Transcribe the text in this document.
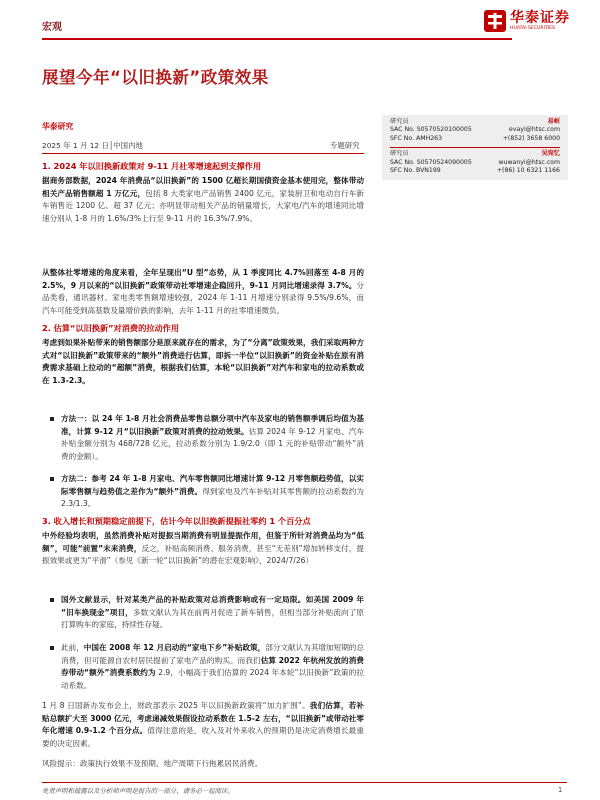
宏观
华泰证券
HUATAI SECURITIES
展望今年“以旧换新”政策效果
华泰研究
2025 年 1 月 12 日│中国内地	专题研究
研究员	易峘
SAC No. S0570520100005	evayi@htsc.com
SFC No. AMH263	+(852) 3658 6000
研究员	吴宛忆
SAC No. S0570524090005	wuwanyi@htsc.com
SFC No. BVN199	+(86) 10 6321 1166
1. 2024 年以旧换新政策对 9-11 月社零增速起到支撑作用

据商务部数据，2024 年消费品“以旧换新”的 1500 亿超长期国债资金基本使用完，整体带动相关产品销售额超 1 万亿元，包括 8 大类家电产品销售 2400 亿元，家装厨卫和电动自行车新车销售近 1200 亿、超 37 亿元；亦明显带动相关产品的销量增长，大家电/汽车的增速同比增速分别从 1-8 月的 1.6%/3%上行至 9-11 月的 16.3%/7.9%。

从整体社零增速的角度来看，全年呈现出“U 型”态势，从 1 季度同比 4.7%回落至 4-8 月的 2.5%，9 月以来的“以旧换新”政策带动社零增速企稳回升，9-11 月同比增速录得 3.7%。分品类看，通讯器材、家电类零售额增速较强，2024 年 1-11 月增速分别录得 9.5%/9.6%，而汽车可能受到高基数及量增价跌的影响，去年 1-11 月的社零增速微负。

2. 估算“以旧换新”对消费的拉动作用

考虑到如果补贴带来的销售额部分是原来就存在的需求，为了“分离”政策效果，我们采取两种方式对“以旧换新”政策带来的“额外”消费进行估算，即拆一半位“以旧换新”的资金补贴在原有消费需求基础上拉动的“超额”消费，根据我们估算，本轮“以旧换新”对汽车和家电的拉动系数或在 1.3-2.3。

方法一：以 24 年 1-8 月社会消费品零售总额分项中汽车及家电的销售额季调后均值为基准，计算 9-12 月“以旧换新”政策对消费的拉动效果。估算 2024 年 9-12 月家电、汽车补贴金额分别为 468/728 亿元，拉动系数分别为 1.9/2.0（即 1 元的补贴带动“额外”消费的金额）。

方法二：参考 24 年 1-8 月家电、汽车零售额同比增速计算 9-12 月零售额趋势值，以实际零售额与趋势值之差作为“额外”消费。得到家电及汽车补贴对其零售额的拉动系数约为 2.3/1.3。

3. 收入增长和预期稳定前提下，估计今年以旧换新提振社零约 1 个百分点

中外经验均表明，虽然消费补贴对提振当期消费有明显提振作用，但鉴于所针对消费品均为“低频”，可能“前置”未来消费，反之，补贴高频消费、服务消费，甚至“无差别”增加转移支付，提振效果或更为“平滑”（参见《新一轮“以旧换新”的潜在宏观影响》，2024/7/26）

国外文献显示，针对某类产品的补贴政策对总消费影响或有一定局限。如美国 2009 年 “旧车换现金”项目，多数文献认为其在前两月促进了新车销售，但相当部分补贴流向了原打算购车的家庭，持续性存疑。

此前，中国在 2008 年 12 月启动的“家电下乡”补贴政策，部分文献认为其增加短期的总消费，但可能源自农村居民提前了家电产品的购买。而我们估算 2022 年杭州发放的消费券带动“额外”消费系数约为 2.9，小幅高于我们估算的 2024 年本轮“以旧换新”政策的拉动系数。

1 月 8 日国新办发布会上，财政部表示 2025 年以旧换新政策将“加力扩围”。我们估算，若补贴总额扩大至 3000 亿元，考虑递减效果假设拉动系数在 1.5-2 左右，“以旧换新”或带动社零年化增速 0.9-1.2 个百分点。值得注意的是，收入及对外来收入的预期仍是决定消费增长最重要的决定因素。

风险提示：政策执行效果不及预期、地产周期下行拖累居民消费。

免责声明和披露以及分析师声明是报告的一部分，请务必一起阅读。	1
